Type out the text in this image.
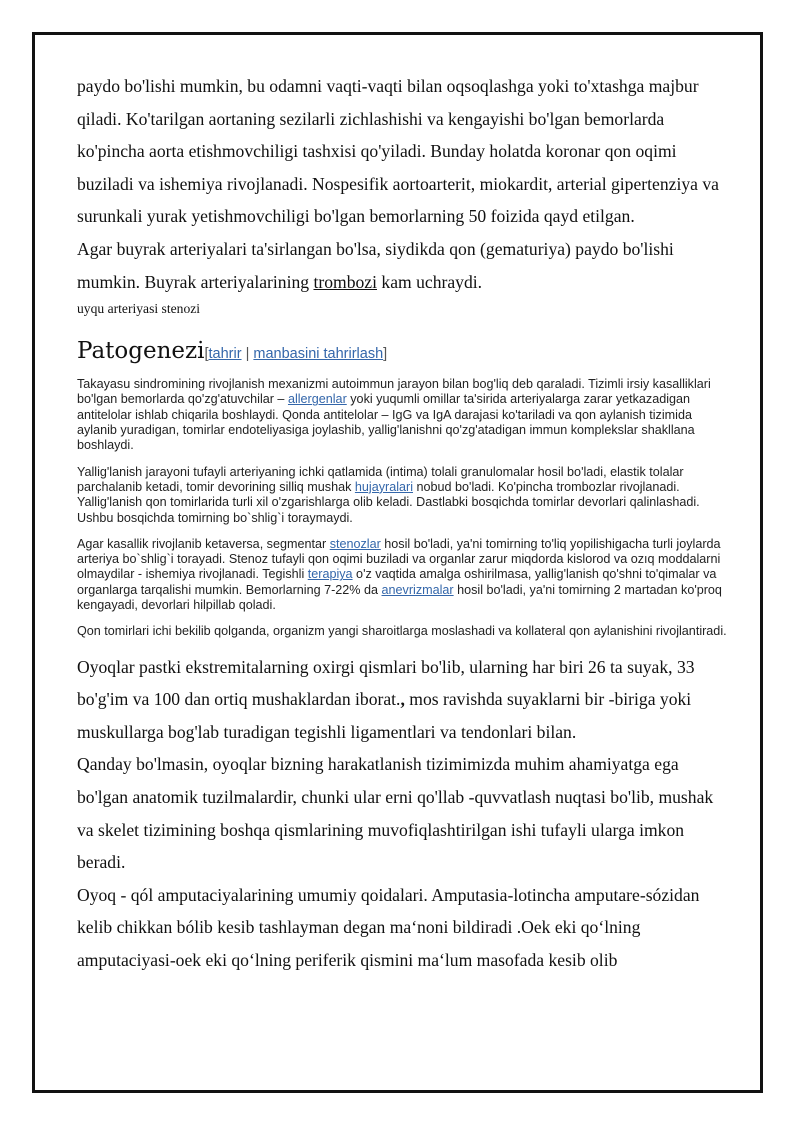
paydo bo'lishi mumkin, bu odamni vaqti-vaqti bilan oqsoqlashga yoki to'xtashga majbur qiladi. Ko'tarilgan aortaning sezilarli zichlashishi va kengayishi bo'lgan bemorlarda ko'pincha aorta etishmovchiligi tashxisi qo'yiladi. Bunday holatda koronar qon oqimi buziladi va ishemiya rivojlanadi. Nospesifik aortoarterit, miokardit, arterial gipertenziya va surunkali yurak yetishmovchiligi bo'lgan bemorlarning 50 foizida qayd etilgan.

Agar buyrak arteriyalari ta'sirlangan bo'lsa, siydikda qon (gematuriya) paydo bo'lishi mumkin. Buyrak arteriyalarining trombozi kam uchraydi.

uyqu arteriyasi stenozi
Patogenezi[tahrir | manbasini tahrirlash]

Takayasu sindromining rivojlanish mexanizmi autoimmun jarayon bilan bog'liq deb qaraladi. Tizimli irsiy kasalliklari bo'lgan bemorlarda qo'zg'atuvchilar – allergenlar yoki yuqumli omillar ta'sirida arteriyalarga zarar yetkazadigan antitelolar ishlab chiqarila boshlaydi. Qonda antitelolar – IgG va IgA darajasi ko'tariladi va qon aylanish tizimida aylanib yuradigan, tomirlar endoteliyasiga joylashib, yallig'lanishni qo'zg'atadigan immun komplekslar shakllana boshlaydi.

Yallig'lanish jarayoni tufayli arteriyaning ichki qatlamida (intima) tolali granulomalar hosil bo'ladi, elastik tolalar parchalanib ketadi, tomir devorining silliq mushak hujayralari nobud bo'ladi. Ko'pincha trombozlar rivojlanadi. Yallig'lanish qon tomirlarida turli xil o'zgarishlarga olib keladi. Dastlabki bosqichda tomirlar devorlari qalinlashadi. Ushbu bosqichda tomirning bo`shlig`i toraymaydi.

Agar kasallik rivojlanib ketaversa, segmentar stenozlar hosil bo'ladi, ya'ni tomirning to'liq yopilishigacha turli joylarda arteriya bo`shlig`i torayadi. Stenoz tufayli qon oqimi buziladi va organlar zarur miqdorda kislorod va ozıq moddalarni olmaydilar - ishemiya rivojlanadi. Tegishli terapiya o'z vaqtida amalga oshirilmasa, yallig'lanish qo'shni to'qimalar va organlarga tarqalishi mumkin. Bemorlarning 7-22% da anevrizmalar hosil bo'ladi, ya'ni tomirning 2 martadan ko'proq kengayadi, devorlari hilpillab qoladi.

Qon tomirlari ichi bekilib qolganda, organizm yangi sharoitlarga moslashadi va kollateral qon aylanishini rivojlantiradi.

Oyoqlar pastki ekstremitalarning oxirgi qismlari bo'lib, ularning har biri 26 ta suyak, 33 bo'g'im va 100 dan ortiq mushaklardan iborat., mos ravishda suyaklarni bir -biriga yoki muskullarga bog'lab turadigan tegishli ligamentlari va tendonlari bilan.

Qanday bo'lmasin, oyoqlar bizning harakatlanish tizimimizda muhim ahamiyatga ega bo'lgan anatomik tuzilmalardir, chunki ular erni qo'llab -quvvatlash nuqtasi bo'lib, mushak va skelet tizimining boshqa qismlarining muvofiqlashtirilgan ishi tufayli ularga imkon beradi.

Oyoq - qól amputaciyalarining umumiy qoidalari. Amputasia-lotincha amputare-sózidan kelib chikkan bólib kesib tashlayman degan ma‘noni bildiradi .Oek eki qo‘lning amputaciyasi-oek eki qo‘lning periferik qismini ma‘lum masofada kesib olib
